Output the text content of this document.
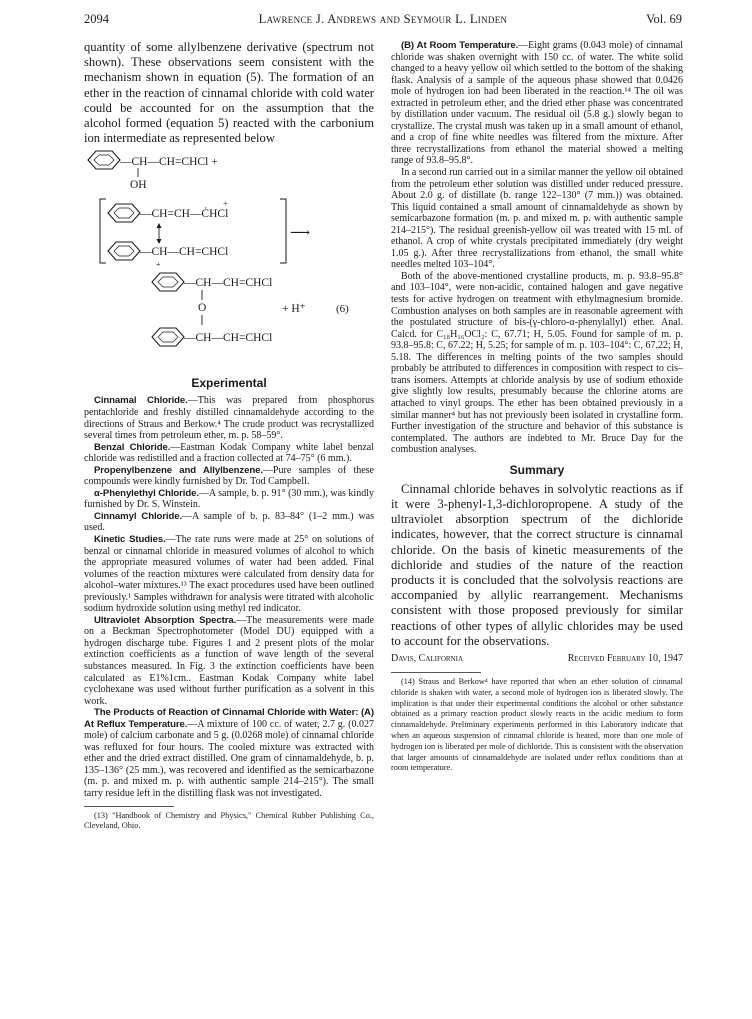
2094	Lawrence J. Andrews and Seymour L. Linden	Vol. 69

quantity of some allylbenzene derivative (spectrum not shown). These observations seem consistent with the mechanism shown in equation (5). The formation of an ether in the reaction of cinnamal chloride with cold water could be accounted for on the assumption that the alcohol formed (equation 5) reacted with the carbonium ion intermediate as represented below

—CH—CH=CHCl +
OH
—CH=CH—ĊHCl
+
—CH—CH=CHCl
+
⟶
—CH—CH=CHCl
O	+ H⁺	(6)
—CH—CH=CHCl
Experimental

Cinnamal Chloride.—This was prepared from phosphorus pentachloride and freshly distilled cinnamaldehyde according to the directions of Straus and Berkow.⁴ The crude product was recrystallized several times from petroleum ether, m. p. 58–59°.

Benzal Chloride.—Eastman Kodak Company white label benzal chloride was redistilled and a fraction collected at 74–75° (6 mm.).

Propenylbenzene and Allylbenzene.—Pure samples of these compounds were kindly furnished by Dr. Tod Campbell.

α-Phenylethyl Chloride.—A sample, b. p. 91° (30 mm.), was kindly furnished by Dr. S. Winstein.

Cinnamyl Chloride.—A sample of b. p. 83–84° (1–2 mm.) was used.

Kinetic Studies.—The rate runs were made at 25° on solutions of benzal or cinnamal chloride in measured volumes of alcohol to which the appropriate measured volumes of water had been added. Final volumes of the reaction mixtures were calculated from density data for alcohol–water mixtures.¹³ The exact procedures used have been outlined previously.¹ Samples withdrawn for analysis were titrated with alcoholic sodium hydroxide solution using methyl red indicator.

Ultraviolet Absorption Spectra.—The measurements were made on a Beckman Spectrophotometer (Model DU) equipped with a hydrogen discharge tube. Figures 1 and 2 present plots of the molar extinction coefficients as a function of wave length of the several substances measured. In Fig. 3 the extinction coefficients have been calculated as E1%1cm.. Eastman Kodak Company white label cyclohexane was used without further purification as a solvent in this work.

The Products of Reaction of Cinnamal Chloride with Water: (A) At Reflux Temperature.—A mixture of 100 cc. of water, 2.7 g. (0.027 mole) of calcium carbonate and 5 g. (0.0268 mole) of cinnamal chloride was refluxed for four hours. The cooled mixture was extracted with ether and the dried extract distilled. One gram of cinnamaldehyde, b. p. 135–136° (25 mm.), was recovered and identified as the semicarbazone (m. p. and mixed m. p. with authentic sample 214–215°). The small tarry residue left in the distilling flask was not investigated.

(13) "Handbook of Chemistry and Physics," Chemical Rubber Publishing Co., Cleveland, Ohio.

(B) At Room Temperature.—Eight grams (0.043 mole) of cinnamal chloride was shaken overnight with 150 cc. of water. The white solid changed to a heavy yellow oil which settled to the bottom of the shaking flask. Analysis of a sample of the aqueous phase showed that 0.0426 mole of hydrogen ion had been liberated in the reaction.¹⁴ The oil was extracted in petroleum ether, and the dried ether phase was concentrated by distillation under vacuum. The residual oil (5.8 g.) slowly began to crystallize. The crystal mush was taken up in a small amount of ethanol, and a crop of fine white needles was filtered from the mixture. After three recrystallizations from ethanol the material showed a melting range of 93.8–95.8°.

In a second run carried out in a similar manner the yellow oil obtained from the petroleum ether solution was distilled under reduced pressure. About 2.0 g. of distillate (b. range 122–130° (7 mm.)) was obtained. This liquid contained a small amount of cinnamaldehyde as shown by semicarbazone formation (m. p. and mixed m. p. with authentic sample 214–215°). The residual greenish-yellow oil was treated with 15 ml. of ethanol. A crop of white crystals precipitated immediately (dry weight 1.05 g.). After three recrystallizations from ethanol, the small white needles melted 103–104°.

Both of the above-mentioned crystalline products, m. p. 93.8–95.8° and 103–104°, were non-acidic, contained halogen and gave negative tests for active hydrogen on treatment with ethylmagnesium bromide. Combustion analyses on both samples are in reasonable agreement with the postulated structure of bis-(γ-chloro-α-phenylallyl) ether. Anal. Calcd. for C₁₈H₁₆OCl₂: C, 67.71; H, 5.05. Found for sample of m. p. 93.8–95.8: C, 67.22; H, 5.25; for sample of m. p. 103–104°: C, 67.22; H, 5.18. The differences in melting points of the two samples should probably be attributed to differences in composition with respect to cis–trans isomers. Attempts at chloride analysis by use of sodium ethoxide give slightly low results, presumably because the chlorine atoms are attached to vinyl groups. The ether has been obtained previously in a similar manner⁴ but has not previously been isolated in crystalline form. Further investigation of the structure and behavior of this substance is contemplated. The authors are indebted to Mr. Bruce Day for the combustion analyses.

Summary

Cinnamal chloride behaves in solvolytic reactions as if it were 3-phenyl-1,3-dichloropropene. A study of the ultraviolet absorption spectrum of the dichloride indicates, however, that the correct structure is cinnamal chloride. On the basis of kinetic measurements of the dichloride and studies of the nature of the reaction products it is concluded that the solvolysis reactions are accompanied by allylic rearrangement. Mechanisms consistent with those proposed previously for similar reactions of other types of allylic chlorides may be used to account for the observations.

Davis, California	Received February 10, 1947

(14) Straus and Berkow⁴ have reported that when an ether solution of cinnamal chloride is shaken with water, a second mole of hydrogen ion is liberated slowly. The implication is that under their experimental conditions the alcohol or other substance obtained as a primary reaction product slowly reacts in the acidic medium to form cinnamaldehyde. Preliminary experiments performed in this Laboratory indicate that when an aqueous suspension of cinnamal chloride is heated, more than one mole of hydrogen ion is liberated per mole of dichloride. This is consistent with the observation that larger amounts of cinnamaldehyde are isolated under reflux conditions than at room temperature.
